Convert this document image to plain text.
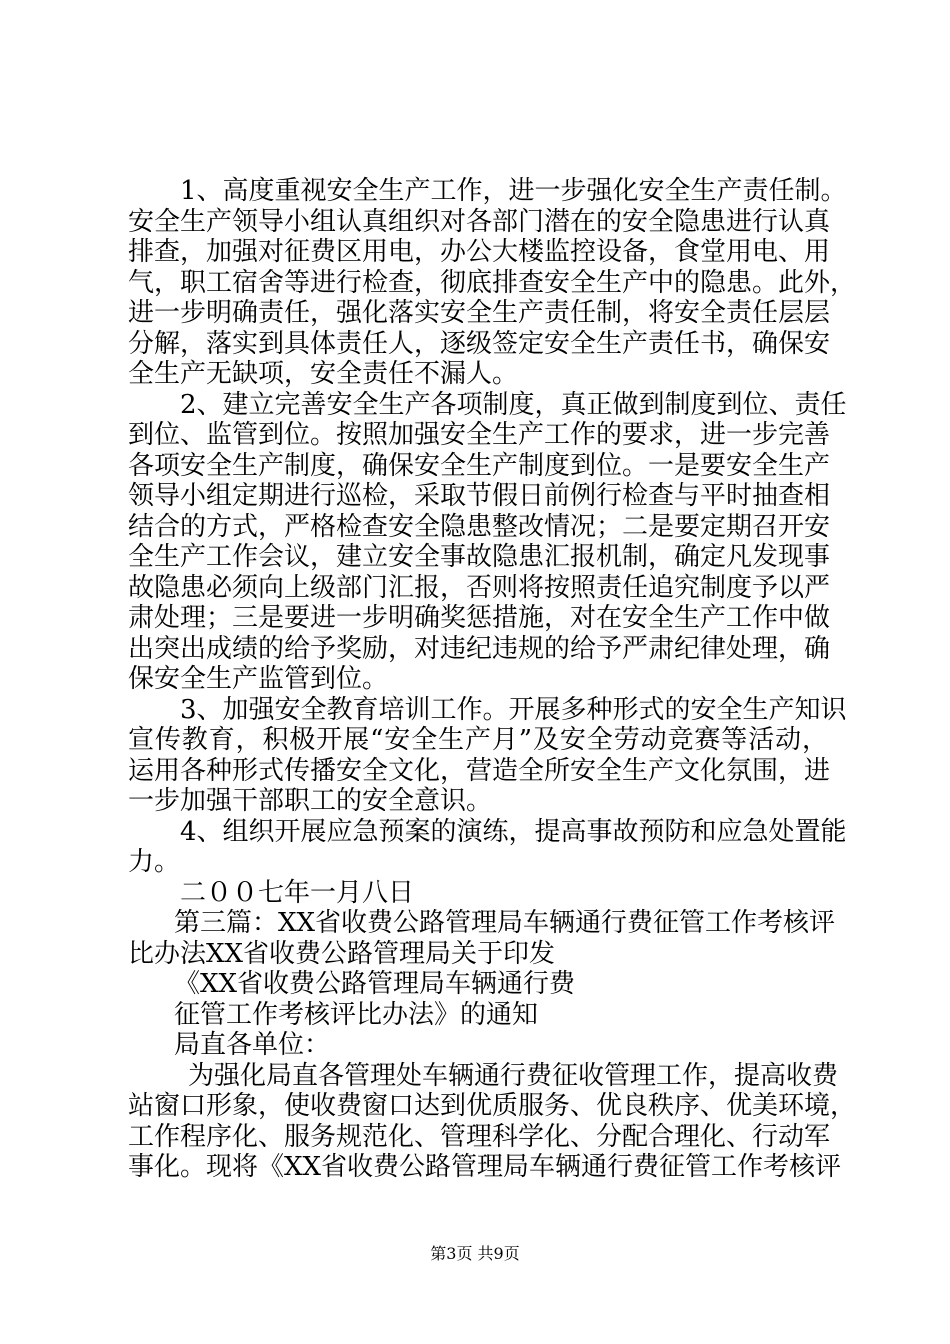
1、高度重视安全生产工作，进一步强化安全生产责任制。
安全生产领导小组认真组织对各部门潜在的安全隐患进行认真
排查，加强对征费区用电，办公大楼监控设备，食堂用电、用
气，职工宿舍等进行检查，彻底排查安全生产中的隐患。此外，
进一步明确责任，强化落实安全生产责任制，将安全责任层层
分解，落实到具体责任人，逐级签定安全生产责任书，确保安
全生产无缺项，安全责任不漏人。
2、建立完善安全生产各项制度，真正做到制度到位、责任
到位、监管到位。按照加强安全生产工作的要求，进一步完善
各项安全生产制度，确保安全生产制度到位。一是要安全生产
领导小组定期进行巡检，采取节假日前例行检查与平时抽查相
结合的方式，严格检查安全隐患整改情况；二是要定期召开安
全生产工作会议，建立安全事故隐患汇报机制，确定凡发现事
故隐患必须向上级部门汇报，否则将按照责任追究制度予以严
肃处理；三是要进一步明确奖惩措施，对在安全生产工作中做
出突出成绩的给予奖励，对违纪违规的给予严肃纪律处理，确
保安全生产监管到位。
3、加强安全教育培训工作。开展多种形式的安全生产知识
宣传教育，积极开展“安全生产月”及安全劳动竞赛等活动，
运用各种形式传播安全文化，营造全所安全生产文化氛围，进
一步加强干部职工的安全意识。
4、组织开展应急预案的演练，提高事故预防和应急处置能
力。
二００七年一月八日
第三篇：XX省收费公路管理局车辆通行费征管工作考核评
比办法XX省收费公路管理局关于印发
《XX省收费公路管理局车辆通行费
征管工作考核评比办法》的通知
局直各单位：
为强化局直各管理处车辆通行费征收管理工作，提高收费
站窗口形象，使收费窗口达到优质服务、优良秩序、优美环境，
工作程序化、服务规范化、管理科学化、分配合理化、行动军
事化。现将《XX省收费公路管理局车辆通行费征管工作考核评
第3页 共9页
